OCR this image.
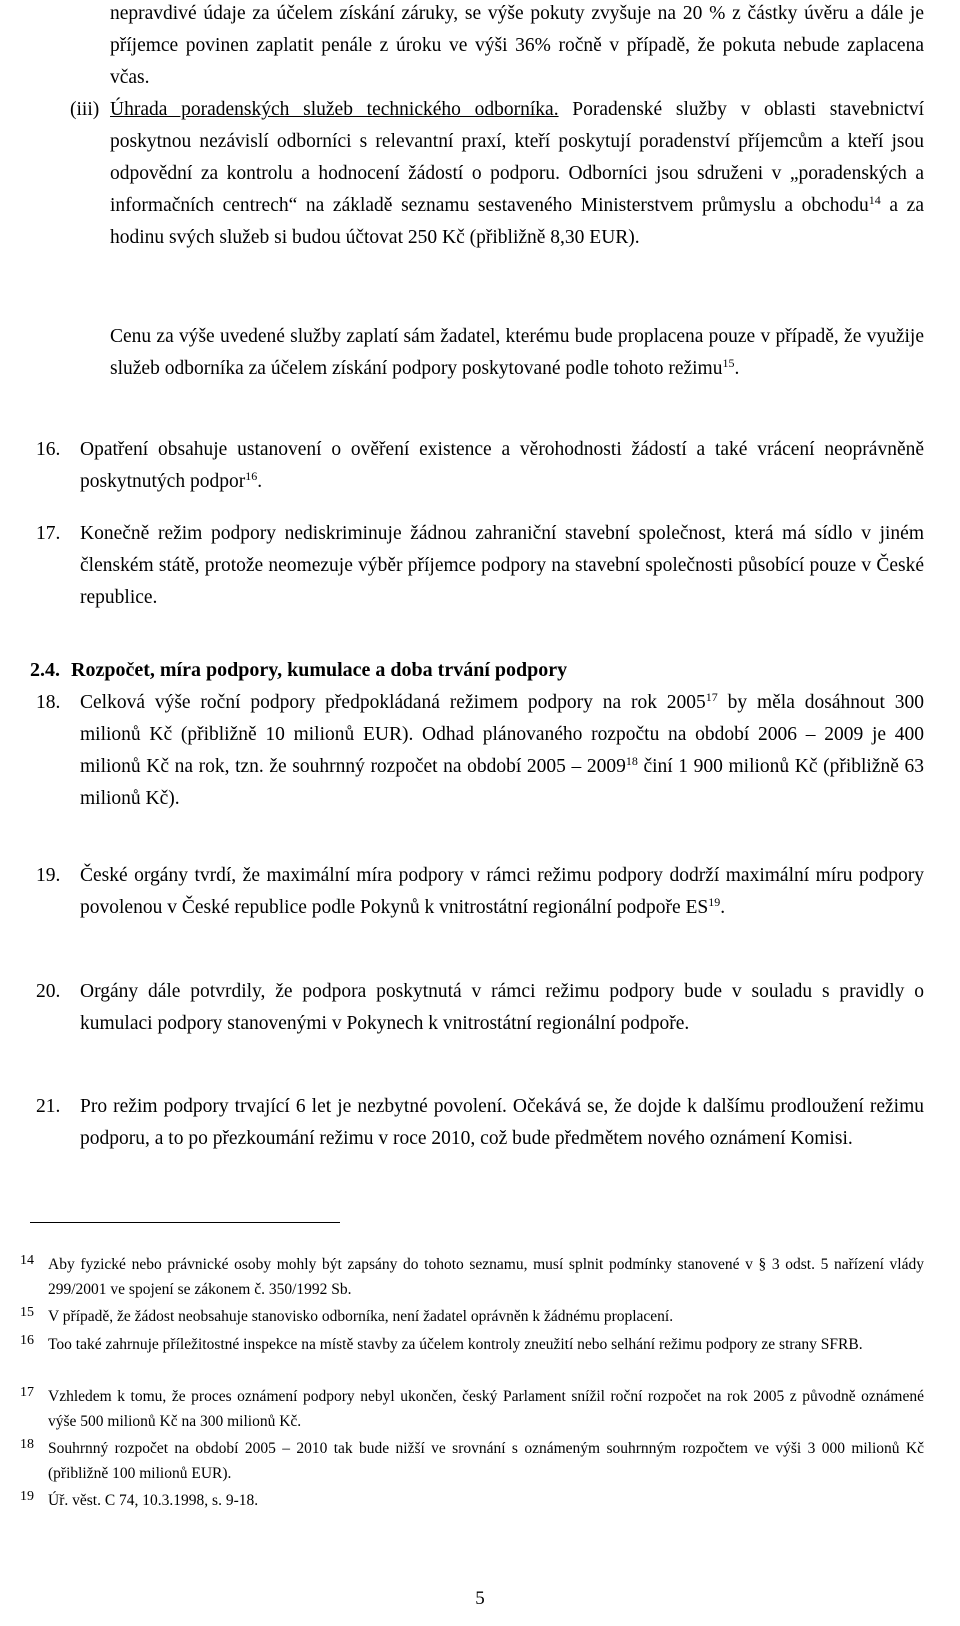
nepravdivé údaje za účelem získání záruky, se výše pokuty zvyšuje na 20 % z částky úvěru a dále je příjemce povinen zaplatit penále z úroku ve výši 36% ročně v případě, že pokuta nebude zaplacena včas.
(iii) Úhrada poradenských služeb technického odborníka. Poradenské služby v oblasti stavebnictví poskytnou nezávislí odborníci s relevantní praxí, kteří poskytují poradenství příjemcům a kteří jsou odpovědní za kontrolu a hodnocení žádostí o podporu. Odborníci jsou sdruženi v „poradenských a informačních centrech“ na základě seznamu sestaveného Ministerstvem průmyslu a obchodu$^{14}$ a za hodinu svých služeb si budou účtovat 250 Kč (přibližně 8,30 EUR).
Cenu za výše uvedené služby zaplatí sám žadatel, kterému bude proplacena pouze v případě, že využije služeb odborníka za účelem získání podpory poskytované podle tohoto režimu$^{15}$.
16. Opatření obsahuje ustanovení o ověření existence a věrohodnosti žádostí a také vrácení neoprávněně poskytnutých podpor$^{16}$.
17. Konečně režim podpory nediskriminuje žádnou zahraniční stavební společnost, která má sídlo v jiném členském státě, protože neomezuje výběr příjemce podpory na stavební společnosti působící pouze v České republice.
2.4. Rozpočet, míra podpory, kumulace a doba trvání podpory
18. Celková výše roční podpory předpokládaná režimem podpory na rok 2005$^{17}$ by měla dosáhnout 300 milionů Kč (přibližně 10 milionů EUR). Odhad plánovaného rozpočtu na období 2006 – 2009 je 400 milionů Kč na rok, tzn. že souhrnný rozpočet na období 2005 – 2009$^{18}$ činí 1 900 milionů Kč (přibližně 63 milionů Kč).
19. České orgány tvrdí, že maximální míra podpory v rámci režimu podpory dodrží maximální míru podpory povolenou v České republice podle Pokynů k vnitrostátní regionální podpoře ES$^{19}$.
20. Orgány dále potvrdily, že podpora poskytnutá v rámci režimu podpory bude v souladu s pravidly o kumulaci podpory stanovenými v Pokynech k vnitrostátní regionální podpoře.
21. Pro režim podpory trvající 6 let je nezbytné povolení. Očekává se, že dojde k dalšímu prodloužení režimu podporu, a to po přezkoumání režimu v roce 2010, což bude předmětem nového oznámení Komisi.
14 Aby fyzické nebo právnické osoby mohly být zapsány do tohoto seznamu, musí splnit podmínky stanovené v § 3 odst. 5 nařízení vlády 299/2001 ve spojení se zákonem č. 350/1992 Sb.
15 V případě, že žádost neobsahuje stanovisko odborníka, není žadatel oprávněn k žádnému proplacení.
16 Too také zahrnuje příležitostné inspekce na místě stavby za účelem kontroly zneužití nebo selhání režimu podpory ze strany SFRB.
17 Vzhledem k tomu, že proces oznámení podpory nebyl ukončen, český Parlament snížil roční rozpočet na rok 2005 z původně oznámené výše 500 milionů Kč na 300 milionů Kč.
18 Souhrnný rozpočet na období 2005 – 2010 tak bude nižší ve srovnání s oznámeným souhrnným rozpočtem ve výši 3 000 milionů Kč (přibližně 100 milionů EUR).
19 Úř. věst. C 74, 10.3.1998, s. 9-18.
5
